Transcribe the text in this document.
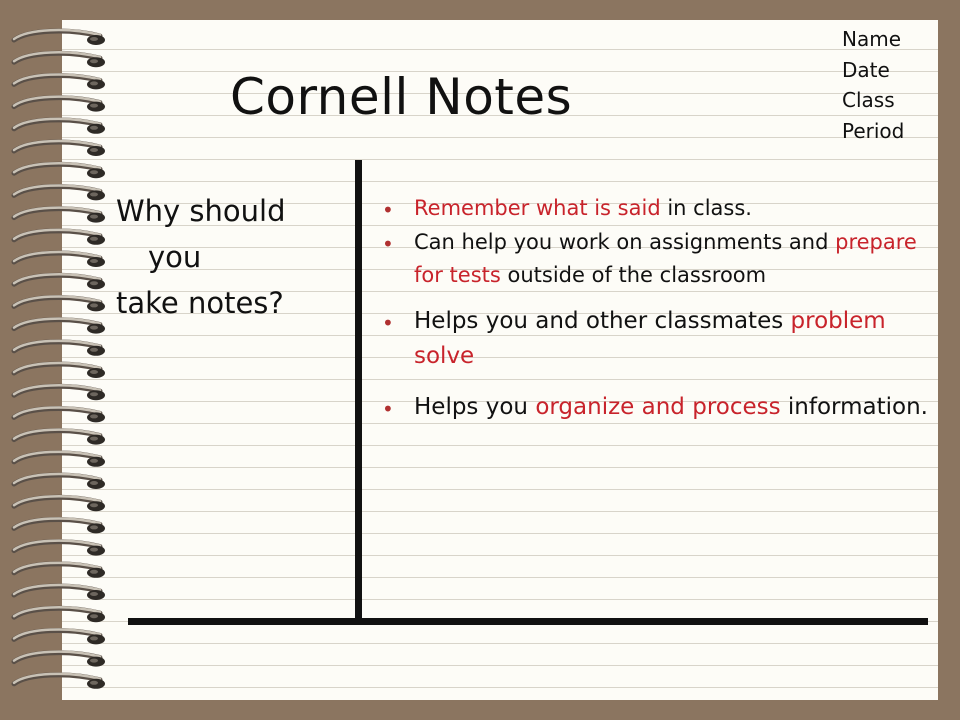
Cornell Notes
Name
Date
Class
Period
Why should
you
take notes?
• Remember what is said in class.
• Can help you work on assignments and prepare for tests outside of the classroom
• Helps you and other classmates problem solve
• Helps you organize and process information.
